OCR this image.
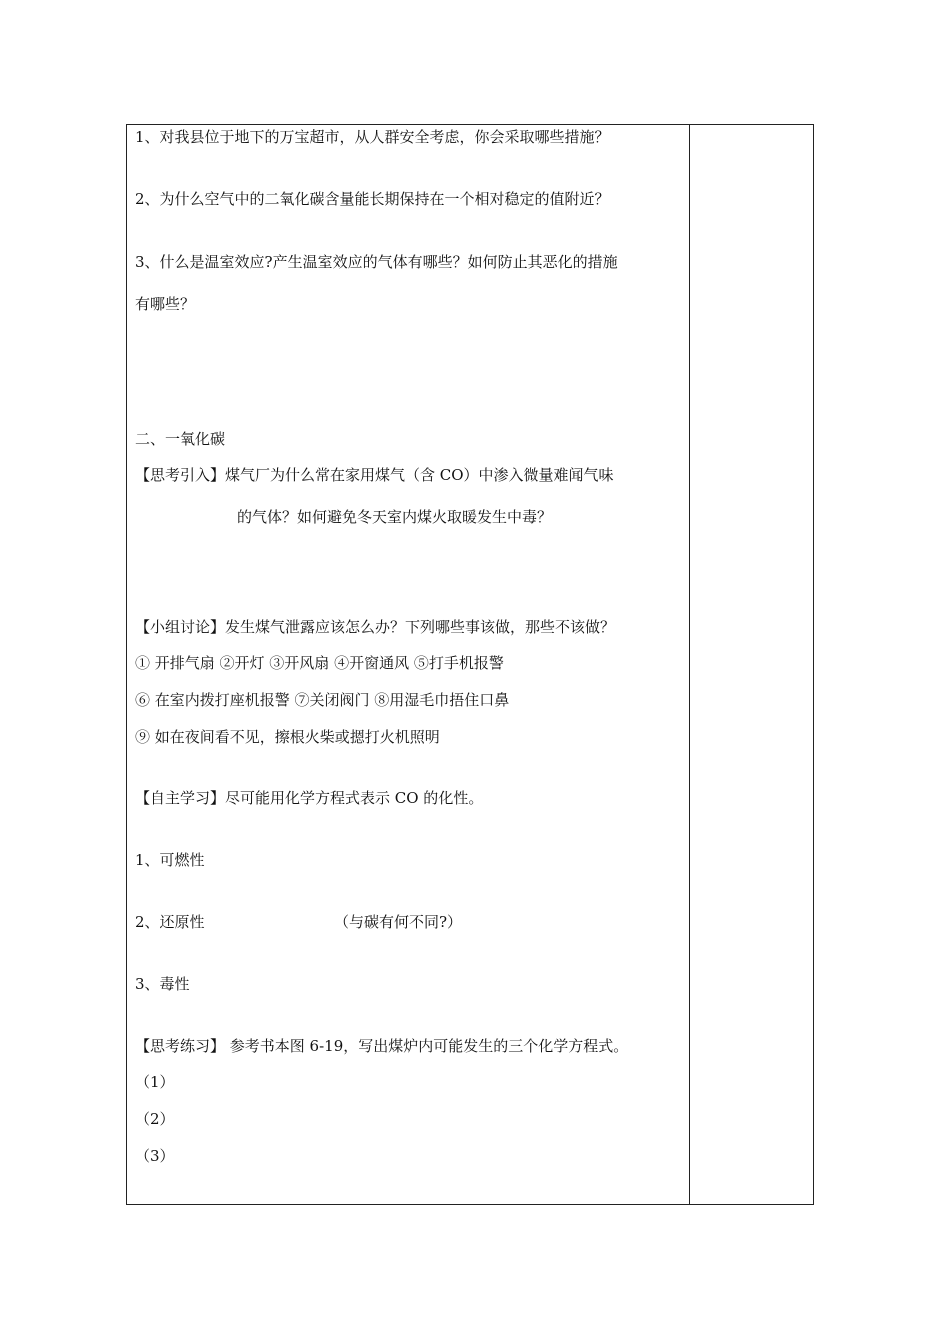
1、对我县位于地下的万宝超市，从人群安全考虑，你会采取哪些措施？
2、为什么空气中的二氧化碳含量能长期保持在一个相对稳定的值附近？
3、什么是温室效应?产生温室效应的气体有哪些？如何防止其恶化的措施
有哪些？
二、一氧化碳
【思考引入】煤气厂为什么常在家用煤气（含 CO）中渗入微量难闻气味
的气体？如何避免冬天室内煤火取暖发生中毒？
【小组讨论】发生煤气泄露应该怎么办？下列哪些事该做，那些不该做？
① 开排气扇 ②开灯 ③开风扇 ④开窗通风 ⑤打手机报警
⑥ 在室内拨打座机报警 ⑦关闭阀门 ⑧用湿毛巾捂住口鼻
⑨ 如在夜间看不见，擦根火柴或摁打火机照明
【自主学习】尽可能用化学方程式表示 CO 的化性。
1、可燃性
2、还原性	（与碳有何不同?）
3、毒性
【思考练习】 参考书本图 6-19，写出煤炉内可能发生的三个化学方程式。
（1）
（2）
（3）
